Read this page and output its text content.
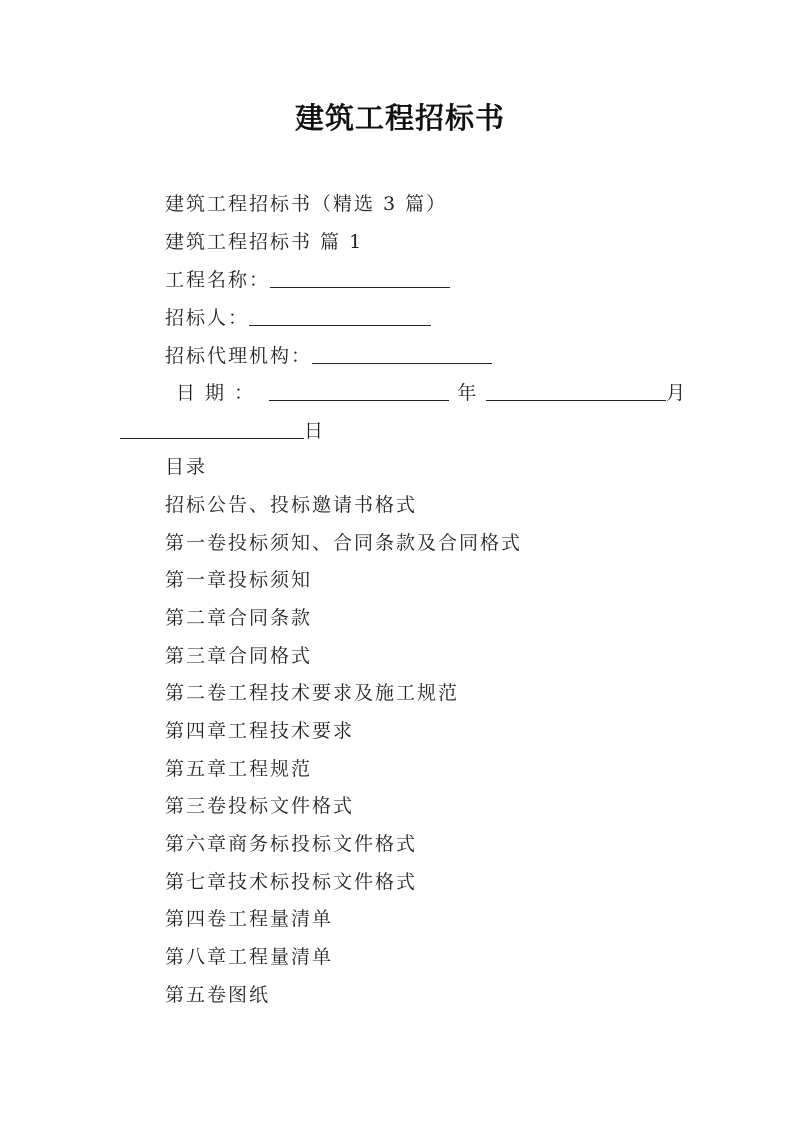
建筑工程招标书
建筑工程招标书（精选 3 篇）
建筑工程招标书 篇 1
工程名称：
招标人：
招标代理机构：
日 期 ：	年	月
日
目录
招标公告、投标邀请书格式
第一卷投标须知、合同条款及合同格式
第一章投标须知
第二章合同条款
第三章合同格式
第二卷工程技术要求及施工规范
第四章工程技术要求
第五章工程规范
第三卷投标文件格式
第六章商务标投标文件格式
第七章技术标投标文件格式
第四卷工程量清单
第八章工程量清单
第五卷图纸
